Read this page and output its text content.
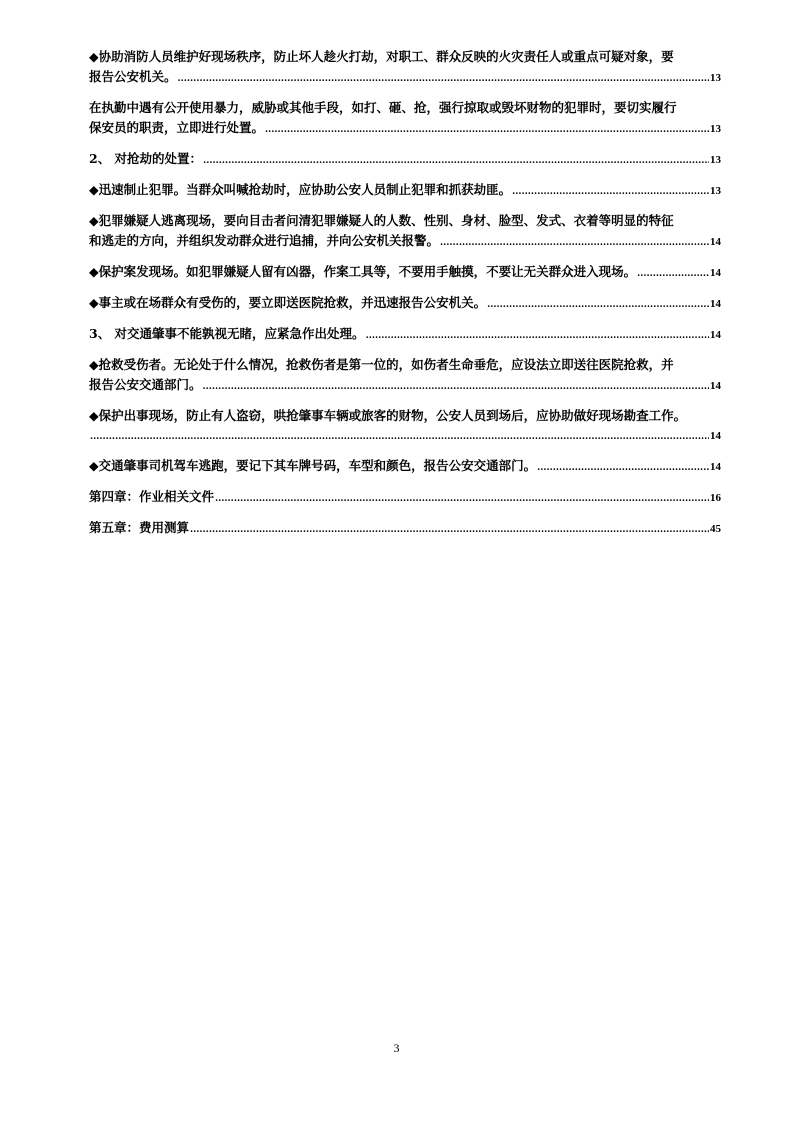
◆协助消防人员维护好现场秩序，防止坏人趁火打劫，对职工、群众反映的火灾责任人或重点可疑对象，要
报告公安机关。 .....	13
在执勤中遇有公开使用暴力，威胁或其他手段，如打、砸、抢，强行掠取或毁坏财物的犯罪时，要切实履行
保安员的职责，立即进行处置。 .....	13
2、 对抢劫的处置： .....	13
◆迅速制止犯罪。当群众叫喊抢劫时，应协助公安人员制止犯罪和抓获劫匪。 .....	13
◆犯罪嫌疑人逃离现场，要向目击者问清犯罪嫌疑人的人数、性别、身材、脸型、发式、衣着等明显的特征
和逃走的方向，并组织发动群众进行追捕，并向公安机关报警。 .....	14
◆保护案发现场。如犯罪嫌疑人留有凶器，作案工具等，不要用手触摸，不要让无关群众进入现场。 .....	14
◆事主或在场群众有受伤的，要立即送医院抢救，并迅速报告公安机关。 .....	14
3、 对交通肇事不能孰视无睹，应紧急作出处理。 .....	14
◆抢救受伤者。无论处于什么情况，抢救伤者是第一位的，如伤者生命垂危，应设法立即送往医院抢救，并
报告公安交通部门。 .....	14
◆保护出事现场，防止有人盗窃，哄抢肇事车辆或旅客的财物，公安人员到场后，应协助做好现场勘查工作。
.....
14
◆交通肇事司机驾车逃跑，要记下其车牌号码，车型和颜色，报告公安交通部门。 .....	14
第四章：作业相关文件 .....	16
第五章：费用测算 .....	45
3
